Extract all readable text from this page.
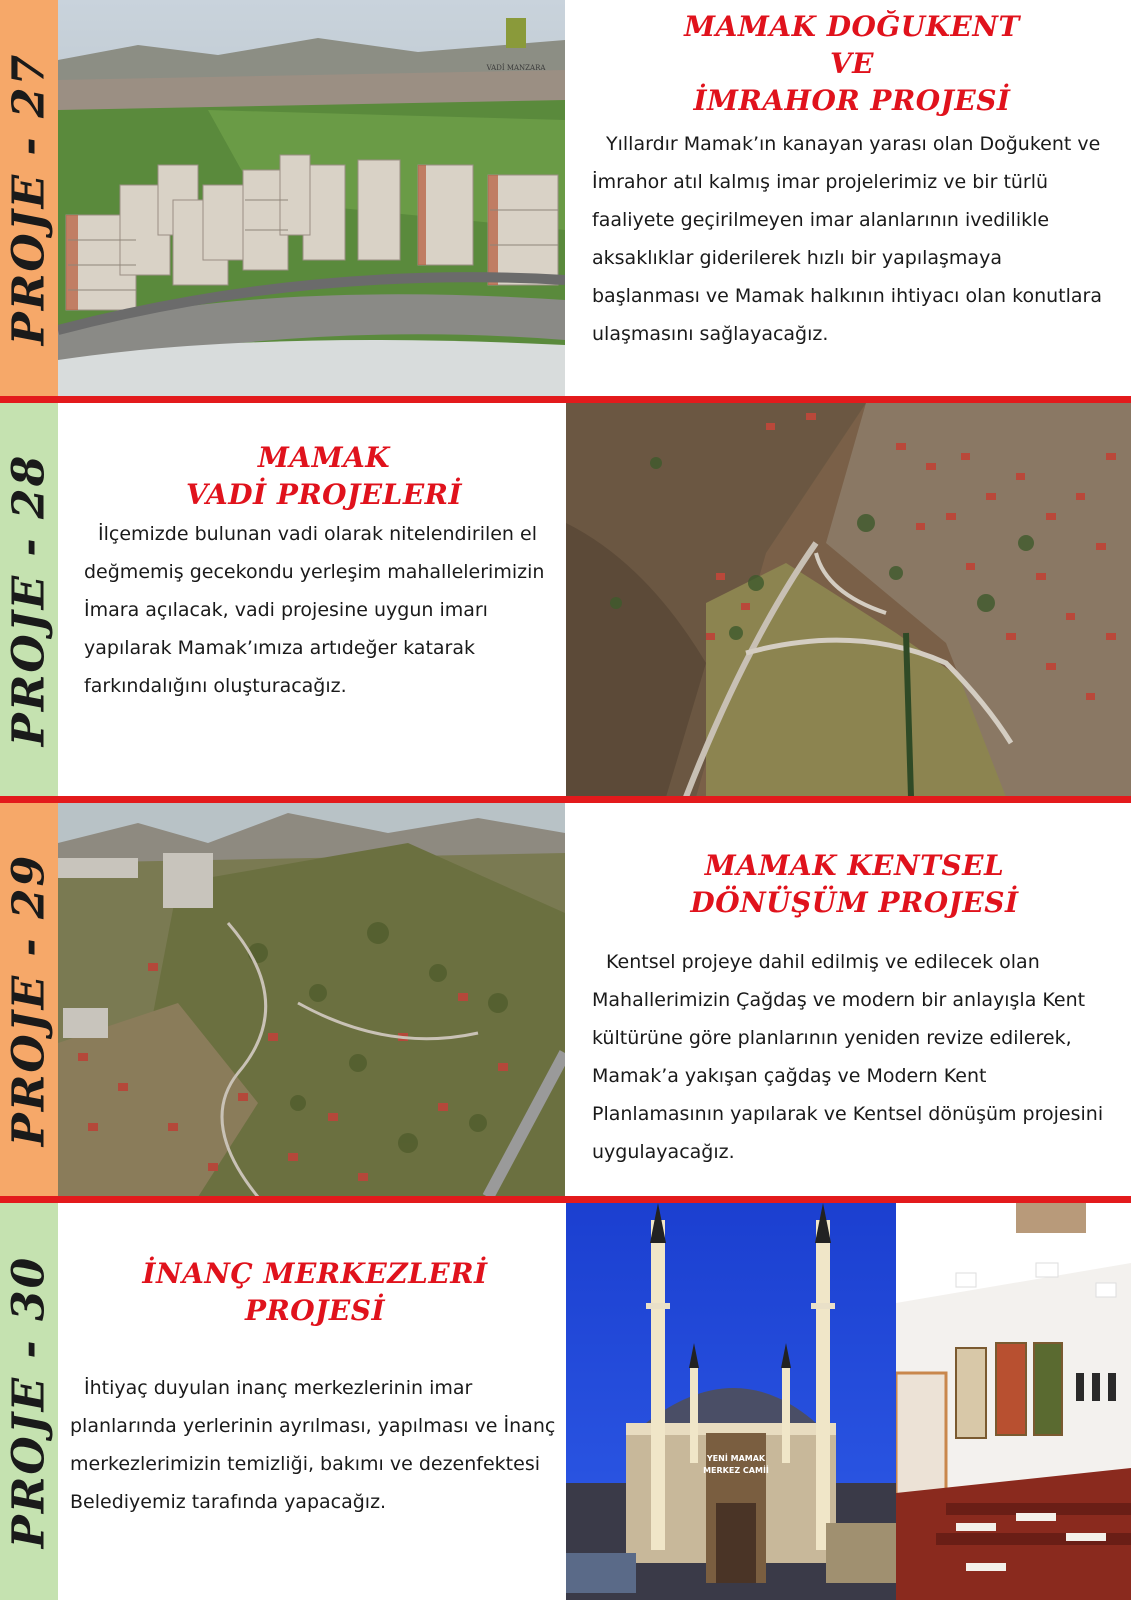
PROJE - 27	VADİ MANZARA
MAMAK DOĞUKENT
VE
İMRAHOR PROJESİ

Yıllardır Mamak’ın kanayan yarası olan Doğukent ve İmrahor atıl kalmış imar projelerimiz ve bir türlü faaliyete geçirilmeyen imar alanlarının ivedilikle aksaklıklar giderilerek hızlı bir yapılaşmaya başlanması ve Mamak halkının ihtiyacı olan konutlara ulaşmasını sağlayacağız.

PROJE - 28	MAMAK
VADİ PROJELERİ

İlçemizde bulunan vadi olarak nitelendirilen el değmemiş gecekondu yerleşim mahallelerimizin İmara açılacak, vadi projesine uygun imarı yapılarak Mamak’ımıza artıdeğer katarak farkındalığını oluşturacağız.

PROJE - 29	MAMAK KENTSEL
DÖNÜŞÜM PROJESİ

Kentsel projeye dahil edilmiş ve edilecek olan Mahallerimizin Çağdaş ve modern bir anlayışla Kent kültürüne göre planlarının yeniden revize edilerek, Mamak’a yakışan çağdaş ve Modern Kent Planlamasının yapılarak ve Kentsel dönüşüm projesini uygulayacağız.

PROJE - 30	İNANÇ MERKEZLERİ
PROJESİ

İhtiyaç duyulan inanç merkezlerinin imar planlarında yerlerinin ayrılması, yapılması ve İnanç merkezlerimizin temizliği, bakımı ve dezenfektesi Belediyemiz tarafında yapacağız.

YENİ MAMAK
MERKEZ CAMİİ
